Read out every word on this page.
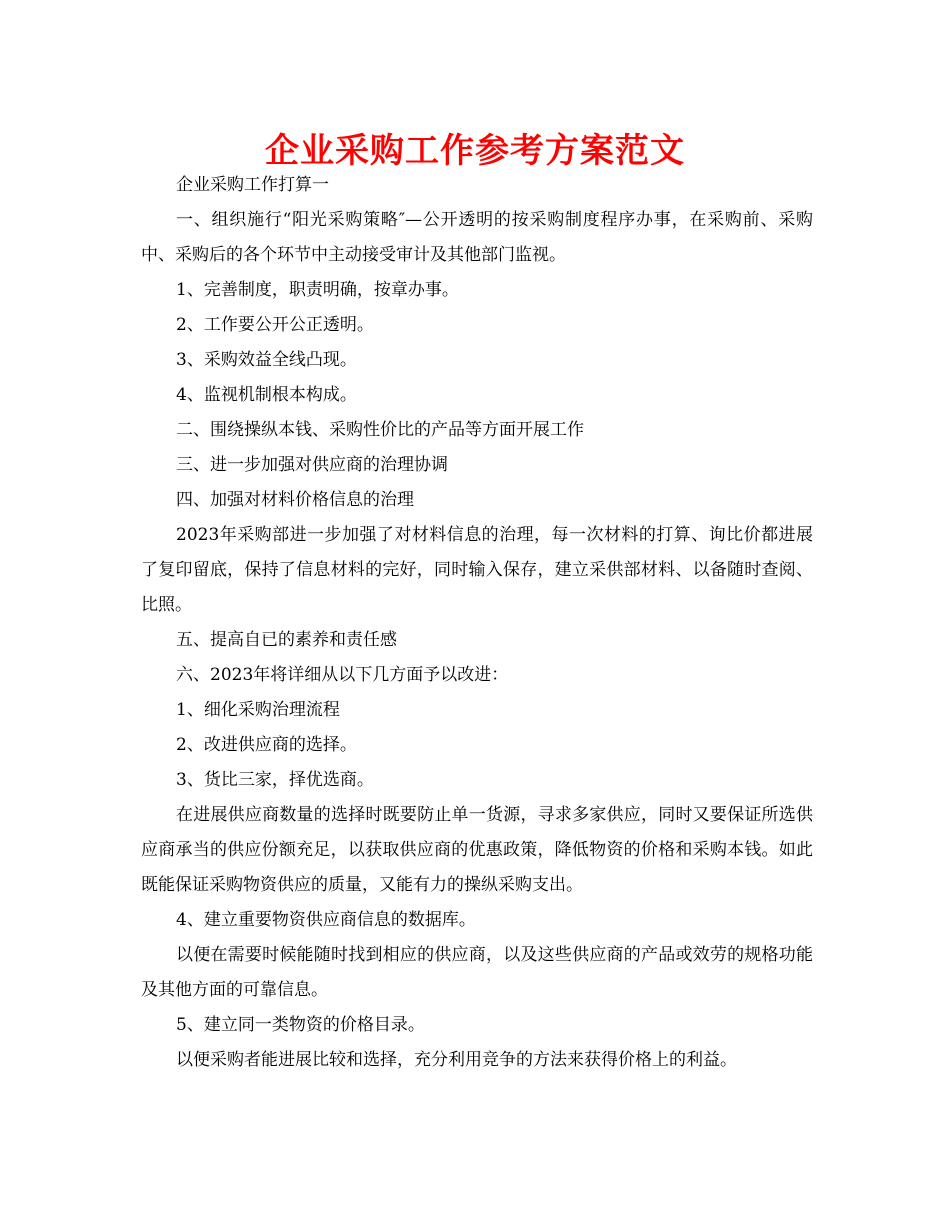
企业采购工作参考方案范文

企业采购工作打算一

一、组织施行“阳光采购策略″—公开透明的按采购制度程序办事，在采购前、采购中、采购后的各个环节中主动接受审计及其他部门监视。

1、完善制度，职责明确，按章办事。

2、工作要公开公正透明。

3、采购效益全线凸现。

4、监视机制根本构成。

二、围绕操纵本钱、采购性价比的产品等方面开展工作

三、进一步加强对供应商的治理协调

四、加强对材料价格信息的治理

2023年采购部进一步加强了对材料信息的治理，每一次材料的打算、询比价都进展了复印留底，保持了信息材料的完好，同时输入保存，建立采供部材料、以备随时查阅、比照。

五、提高自已的素养和责任感

六、2023年将详细从以下几方面予以改进：

1、细化采购治理流程

2、改进供应商的选择。

3、货比三家，择优选商。

在进展供应商数量的选择时既要防止单一货源，寻求多家供应，同时又要保证所选供应商承当的供应份额充足，以获取供应商的优惠政策，降低物资的价格和采购本钱。如此既能保证采购物资供应的质量，又能有力的操纵采购支出。

4、建立重要物资供应商信息的数据库。

以便在需要时候能随时找到相应的供应商，以及这些供应商的产品或效劳的规格功能及其他方面的可靠信息。

5、建立同一类物资的价格目录。

以便采购者能进展比较和选择，充分利用竞争的方法来获得价格上的利益。
